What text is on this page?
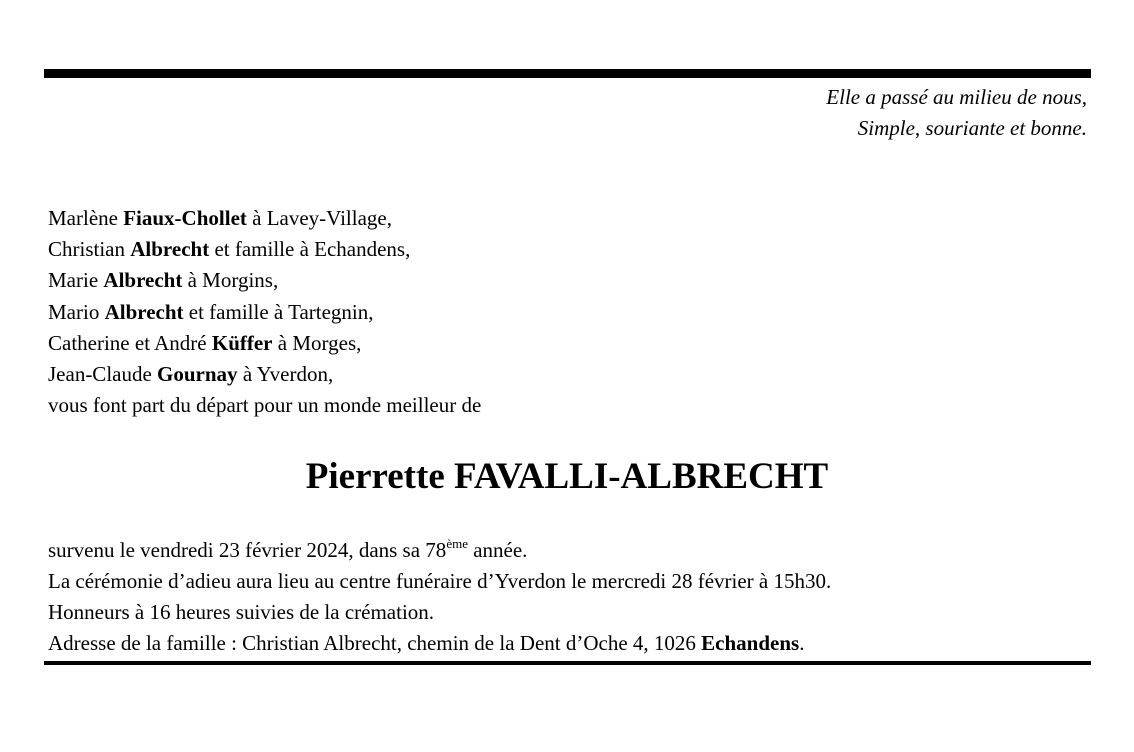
Elle a passé au milieu de nous,
Simple, souriante et bonne.
Marlène Fiaux-Chollet à Lavey-Village,
Christian Albrecht et famille à Echandens,
Marie Albrecht à Morgins,
Mario Albrecht et famille à Tartegnin,
Catherine et André Küffer à Morges,
Jean-Claude Gournay à Yverdon,
vous font part du départ pour un monde meilleur de
Pierrette FAVALLI-ALBRECHT
survenu le vendredi 23 février 2024, dans sa 78ème année.
La cérémonie d’adieu aura lieu au centre funéraire d’Yverdon le mercredi 28 février à 15h30.
Honneurs à 16 heures suivies de la crémation.
Adresse de la famille : Christian Albrecht, chemin de la Dent d’Oche 4, 1026 Echandens.
